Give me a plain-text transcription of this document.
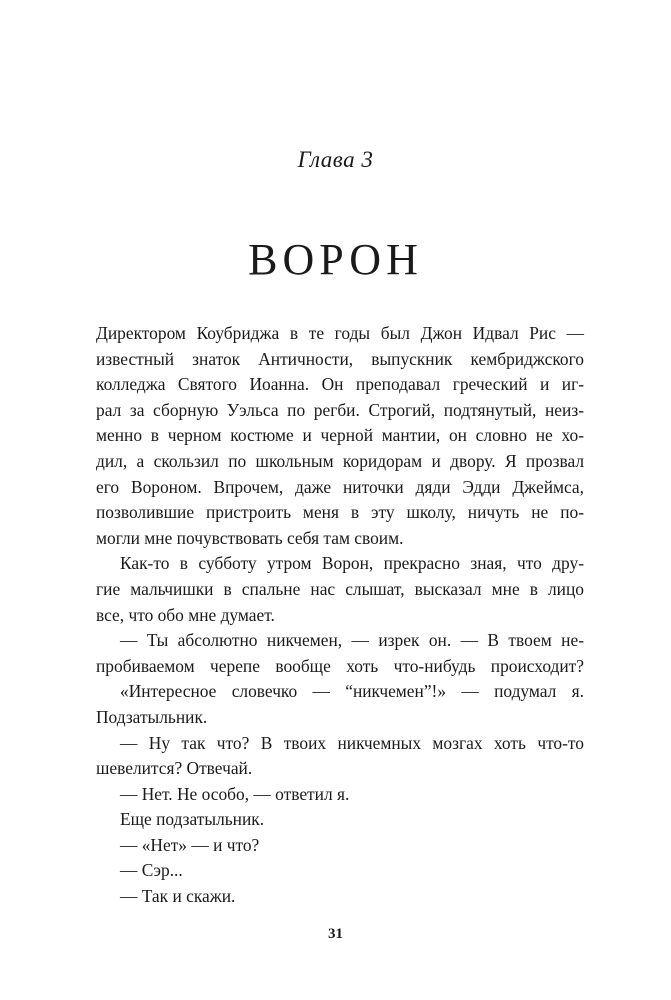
Глава 3
ВОРОН
Директором Коубриджа в те годы был Джон Идвал Рис —
известный знаток Античности, выпускник кембриджского
колледжа Святого Иоанна. Он преподавал греческий и иг-
рал за сборную Уэльса по регби. Строгий, подтянутый, неиз-
менно в черном костюме и черной мантии, он словно не хо-
дил, а скользил по школьным коридорам и двору. Я прозвал
его Вороном. Впрочем, даже ниточки дяди Эдди Джеймса,
позволившие пристроить меня в эту школу, ничуть не по-
могли мне почувствовать себя там своим.
Как-то в субботу утром Ворон, прекрасно зная, что дру-
гие мальчишки в спальне нас слышат, высказал мне в лицо
все, что обо мне думает.
— Ты абсолютно никчемен, — изрек он. — В твоем не-
пробиваемом черепе вообще хоть что-нибудь происходит?
«Интересное словечко — “никчемен”!» — подумал я.
Подзатыльник.
— Ну так что? В твоих никчемных мозгах хоть что-то
шевелится? Отвечай.
— Нет. Не особо, — ответил я.
Еще подзатыльник.
— «Нет» — и что?
— Сэр...
— Так и скажи.
31
